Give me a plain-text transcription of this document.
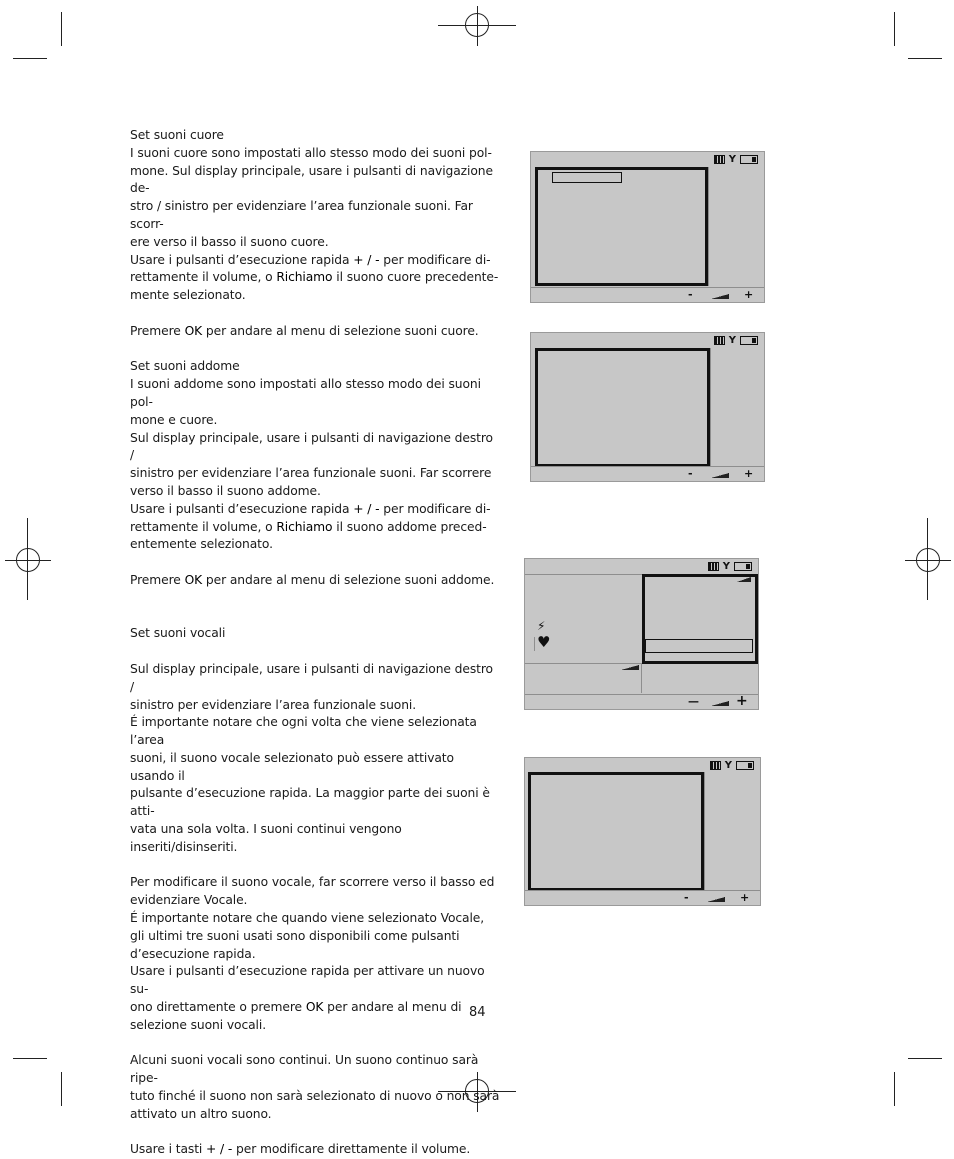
Set suoni cuore

I suoni cuore sono impostati allo stesso modo dei suoni pol-

mone. Sul display principale, usare i pulsanti di navigazione de-

stro / sinistro per evidenziare l’area funzionale suoni. Far scorr-

ere verso il basso il suono cuore.

Usare i pulsanti d’esecuzione rapida + / - per modificare di-

rettamente il volume, o Richiamo il suono cuore precedente-

mente selezionato.

Premere OK per andare al menu di selezione suoni cuore.

Set suoni addome

I suoni addome sono impostati allo stesso modo dei suoni pol-

mone e cuore.

Sul display principale, usare i pulsanti di navigazione destro /

sinistro per evidenziare l’area funzionale suoni. Far scorrere

verso il basso il suono addome.

Usare i pulsanti d’esecuzione rapida + / - per modificare di-

rettamente il volume, o Richiamo il suono addome preced-

entemente selezionato.

Premere OK per andare al menu di selezione suoni addome.

Set suoni vocali

Sul display principale, usare i pulsanti di navigazione destro /

sinistro per evidenziare l’area funzionale suoni.

É importante notare che ogni volta che viene selezionata l’area

suoni, il suono vocale selezionato può essere attivato usando il

pulsante d’esecuzione rapida. La maggior parte dei suoni è atti-

vata una sola volta. I suoni continui vengono inseriti/disinseriti.

Per modificare il suono vocale, far scorrere verso il basso ed

evidenziare Vocale.

É importante notare che quando viene selezionato Vocale,

gli ultimi tre suoni usati sono disponibili come pulsanti

d’esecuzione rapida.

Usare i pulsanti d’esecuzione rapida per attivare un nuovo su-

ono direttamente o premere OK per andare al menu di

selezione suoni vocali.

Alcuni suoni vocali sono continui. Un suono continuo sarà ripe-

tuto finché il suono non sarà selezionato di nuovo o non sarà

attivato un altro suono.

Usare i tasti + / - per modificare direttamente il volume.

Y
-	+
Y
-	+
Y
⚡
♥
—	+
Y
-	+
84
